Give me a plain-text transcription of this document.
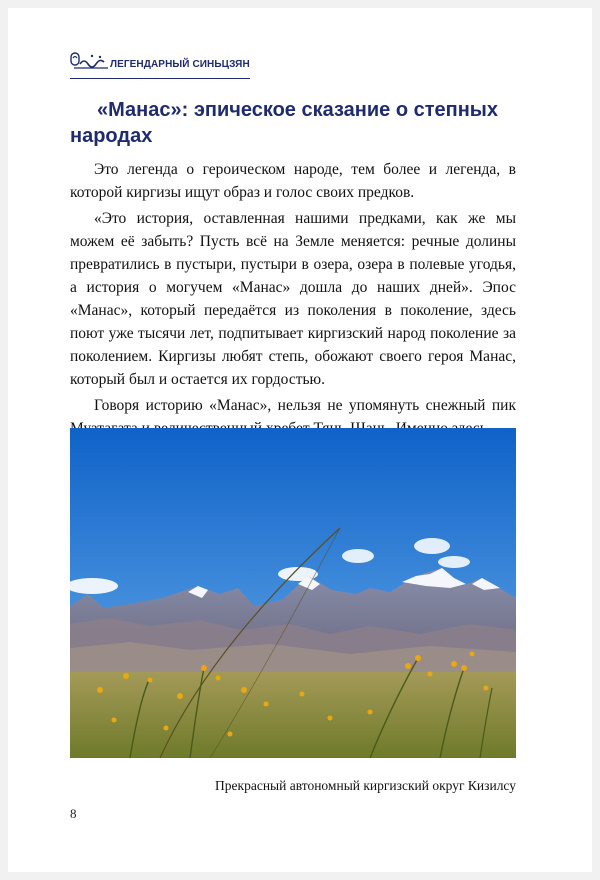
ЛЕГЕНДАРНЫЙ СИНЬЦЗЯН
«Манас»: эпическое сказание о степных народах

Это легенда о героическом народе, тем более и легенда, в которой киргизы ищут образ и голос своих предков.

«Это история, оставленная нашими предками, как же мы можем её забыть? Пусть всё на Земле меняется: речные долины превратились в пустыри, пустыри в озера, озера в полевые угодья, а история о могучем «Манас» дошла до наших дней». Эпос «Манас», который передаётся из поколения в поколение, здесь поют уже тысячи лет, подпитывает киргизский народ поколение за поколением. Киргизы любят степь, обожают своего героя Манас, который был и остается их гордостью.

Говоря историю «Манас», нельзя не упомянуть снежный пик

Прекрасный автономный киргизский округ Кизилсу
8
